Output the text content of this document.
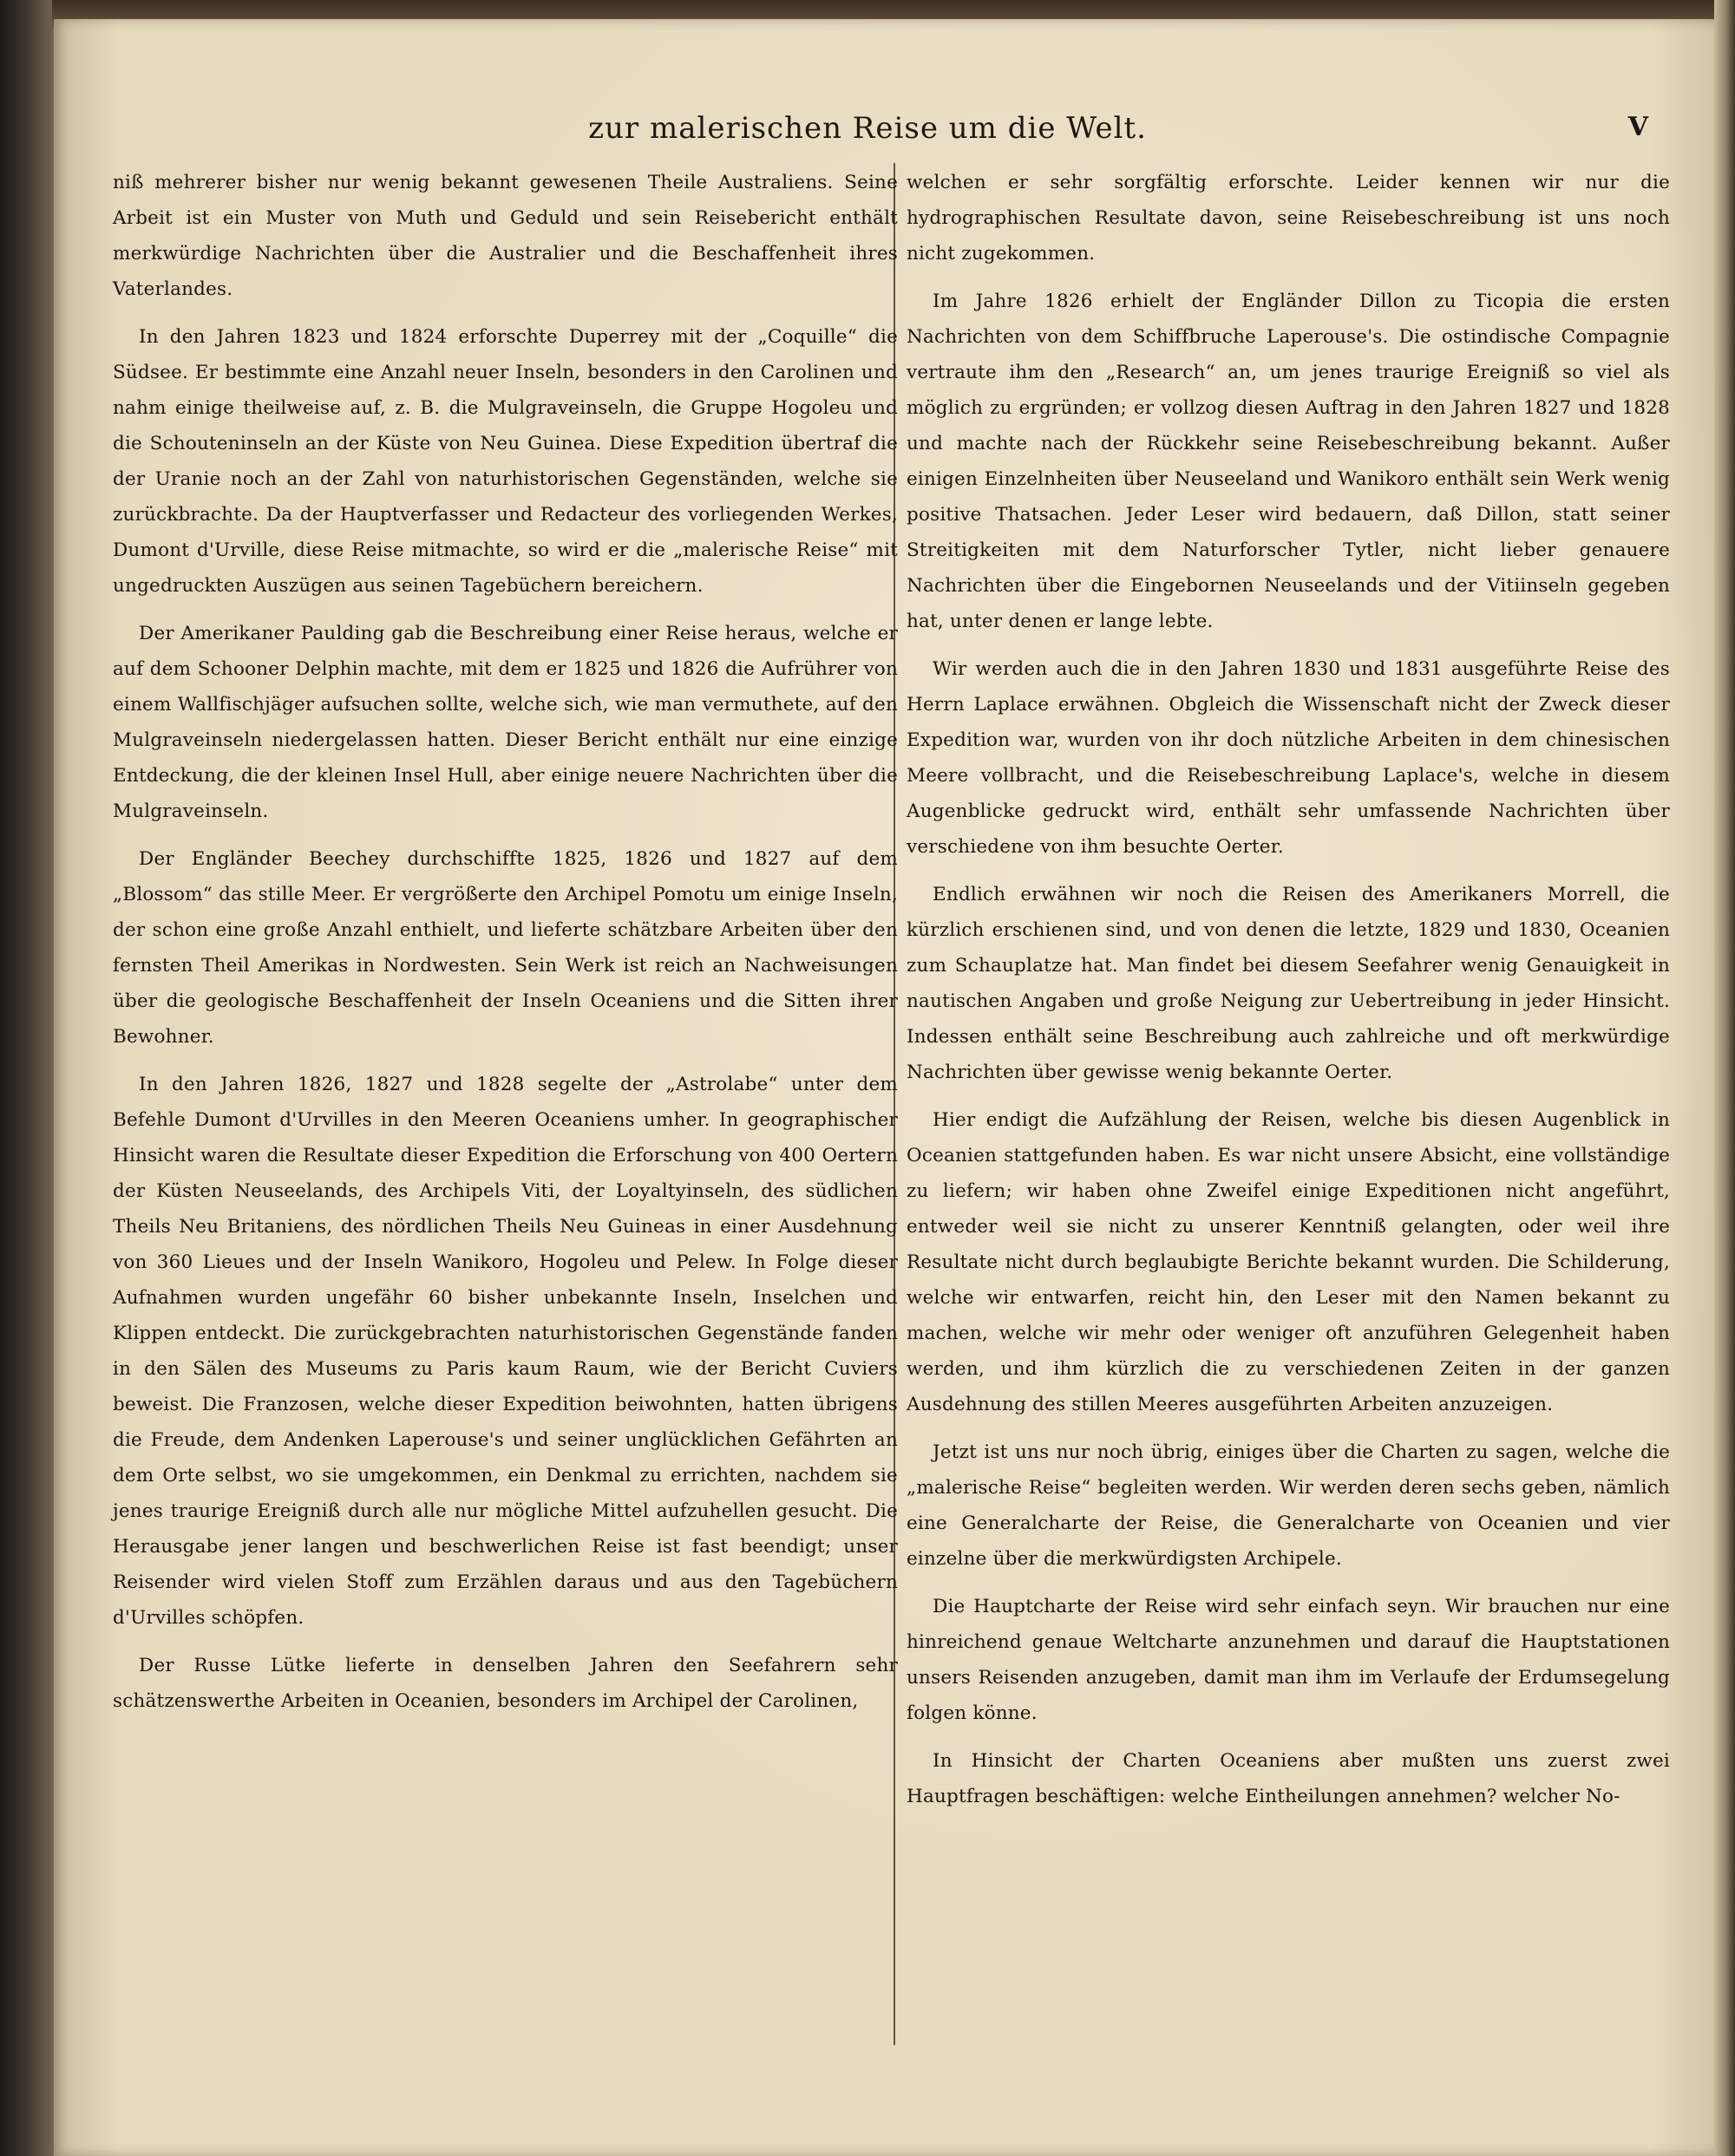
zur malerischen Reise um die Welt.	V

niß mehrerer bisher nur wenig bekannt gewesenen Theile Australiens. Seine Arbeit ist ein Muster von Muth und Geduld und sein Reisebericht enthält merkwürdige Nachrichten über die Australier und die Beschaffenheit ihres Vaterlandes.

In den Jahren 1823 und 1824 erforschte Duperrey mit der „Coquille“ die Südsee. Er bestimmte eine Anzahl neuer Inseln, besonders in den Carolinen und nahm einige theilweise auf, z. B. die Mulgraveinseln, die Gruppe Hogoleu und die Schouteninseln an der Küste von Neu Guinea. Diese Expedition übertraf die der Uranie noch an der Zahl von naturhistorischen Gegenständen, welche sie zurückbrachte. Da der Hauptverfasser und Redacteur des vorliegenden Werkes, Dumont d'Urville, diese Reise mitmachte, so wird er die „malerische Reise“ mit ungedruckten Auszügen aus seinen Tagebüchern bereichern.

Der Amerikaner Paulding gab die Beschreibung einer Reise heraus, welche er auf dem Schooner Delphin machte, mit dem er 1825 und 1826 die Aufrührer von einem Wallfischjäger aufsuchen sollte, welche sich, wie man vermuthete, auf den Mulgraveinseln niedergelassen hatten. Dieser Bericht enthält nur eine einzige Entdeckung, die der kleinen Insel Hull, aber einige neuere Nachrichten über die Mulgraveinseln.

Der Engländer Beechey durchschiffte 1825, 1826 und 1827 auf dem „Blossom“ das stille Meer. Er vergrößerte den Archipel Pomotu um einige Inseln, der schon eine große Anzahl enthielt, und lieferte schätzbare Arbeiten über den fernsten Theil Amerikas in Nordwesten. Sein Werk ist reich an Nachweisungen über die geologische Beschaffenheit der Inseln Oceaniens und die Sitten ihrer Bewohner.

In den Jahren 1826, 1827 und 1828 segelte der „Astrolabe“ unter dem Befehle Dumont d'Urvilles in den Meeren Oceaniens umher. In geographischer Hinsicht waren die Resultate dieser Expedition die Erforschung von 400 Oertern der Küsten Neuseelands, des Archipels Viti, der Loyaltyinseln, des südlichen Theils Neu Britaniens, des nördlichen Theils Neu Guineas in einer Ausdehnung von 360 Lieues und der Inseln Wanikoro, Hogoleu und Pelew. In Folge dieser Aufnahmen wurden ungefähr 60 bisher unbekannte Inseln, Inselchen und Klippen entdeckt. Die zurückgebrachten naturhistorischen Gegenstände fanden in den Sälen des Museums zu Paris kaum Raum, wie der Bericht Cuviers beweist. Die Franzosen, welche dieser Expedition beiwohnten, hatten übrigens die Freude, dem Andenken Laperouse's und seiner unglücklichen Gefährten an dem Orte selbst, wo sie umgekommen, ein Denkmal zu errichten, nachdem sie jenes traurige Ereigniß durch alle nur mögliche Mittel aufzuhellen gesucht. Die Herausgabe jener langen und beschwerlichen Reise ist fast beendigt; unser Reisender wird vielen Stoff zum Erzählen daraus und aus den Tagebüchern d'Urvilles schöpfen.

Der Russe Lütke lieferte in denselben Jahren den Seefahrern sehr schätzenswerthe Arbeiten in Oceanien, besonders im Archipel der Carolinen,

welchen er sehr sorgfältig erforschte. Leider kennen wir nur die hydrographischen Resultate davon, seine Reisebeschreibung ist uns noch nicht zugekommen.

Im Jahre 1826 erhielt der Engländer Dillon zu Ticopia die ersten Nachrichten von dem Schiffbruche Laperouse's. Die ostindische Compagnie vertraute ihm den „Research“ an, um jenes traurige Ereigniß so viel als möglich zu ergründen; er vollzog diesen Auftrag in den Jahren 1827 und 1828 und machte nach der Rückkehr seine Reisebeschreibung bekannt. Außer einigen Einzelnheiten über Neuseeland und Wanikoro enthält sein Werk wenig positive Thatsachen. Jeder Leser wird bedauern, daß Dillon, statt seiner Streitigkeiten mit dem Naturforscher Tytler, nicht lieber genauere Nachrichten über die Eingebornen Neuseelands und der Vitiinseln gegeben hat, unter denen er lange lebte.

Wir werden auch die in den Jahren 1830 und 1831 ausgeführte Reise des Herrn Laplace erwähnen. Obgleich die Wissenschaft nicht der Zweck dieser Expedition war, wurden von ihr doch nützliche Arbeiten in dem chinesischen Meere vollbracht, und die Reisebeschreibung Laplace's, welche in diesem Augenblicke gedruckt wird, enthält sehr umfassende Nachrichten über verschiedene von ihm besuchte Oerter.

Endlich erwähnen wir noch die Reisen des Amerikaners Morrell, die kürzlich erschienen sind, und von denen die letzte, 1829 und 1830, Oceanien zum Schauplatze hat. Man findet bei diesem Seefahrer wenig Genauigkeit in nautischen Angaben und große Neigung zur Uebertreibung in jeder Hinsicht. Indessen enthält seine Beschreibung auch zahlreiche und oft merkwürdige Nachrichten über gewisse wenig bekannte Oerter.

Hier endigt die Aufzählung der Reisen, welche bis diesen Augenblick in Oceanien stattgefunden haben. Es war nicht unsere Absicht, eine vollständige zu liefern; wir haben ohne Zweifel einige Expeditionen nicht angeführt, entweder weil sie nicht zu unserer Kenntniß gelangten, oder weil ihre Resultate nicht durch beglaubigte Berichte bekannt wurden. Die Schilderung, welche wir entwarfen, reicht hin, den Leser mit den Namen bekannt zu machen, welche wir mehr oder weniger oft anzuführen Gelegenheit haben werden, und ihm kürzlich die zu verschiedenen Zeiten in der ganzen Ausdehnung des stillen Meeres ausgeführten Arbeiten anzuzeigen.

Jetzt ist uns nur noch übrig, einiges über die Charten zu sagen, welche die „malerische Reise“ begleiten werden. Wir werden deren sechs geben, nämlich eine Generalcharte der Reise, die Generalcharte von Oceanien und vier einzelne über die merkwürdigsten Archipele.

Die Hauptcharte der Reise wird sehr einfach seyn. Wir brauchen nur eine hinreichend genaue Weltcharte anzunehmen und darauf die Hauptstationen unsers Reisenden anzugeben, damit man ihm im Verlaufe der Erdumsegelung folgen könne.

In Hinsicht der Charten Oceaniens aber mußten uns zuerst zwei Hauptfragen beschäftigen: welche Eintheilungen annehmen? welcher No-
